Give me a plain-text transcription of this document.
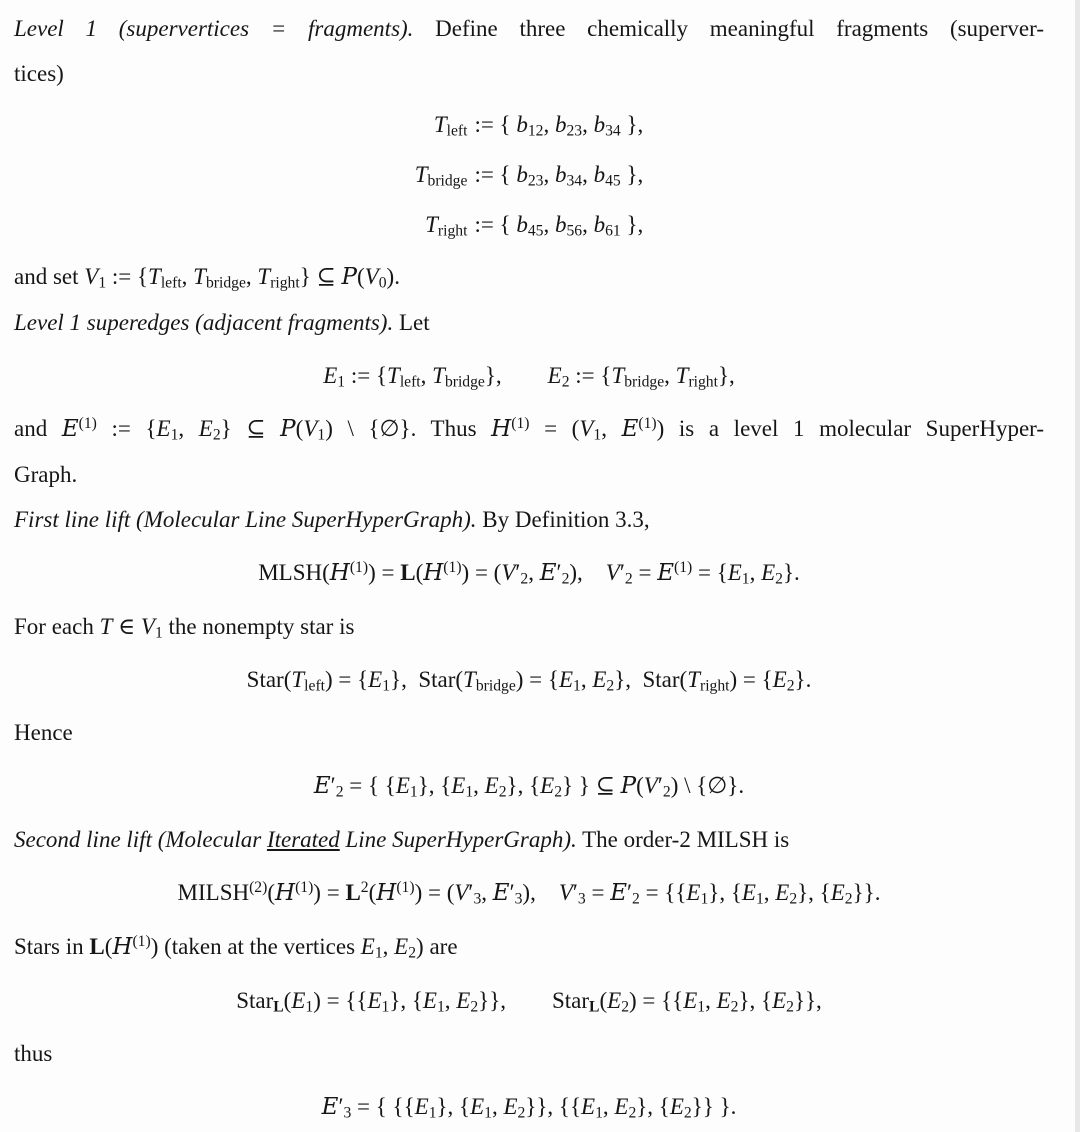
Level 1 (supervertices = fragments). Define three chemically meaningful fragments (superver-

tices)

$T_{left}$	:= { $b_{12}$, $b_{23}$, $b_{34}$ },
$T_{bridge}$	:= { $b_{23}$, $b_{34}$, $b_{45}$ },
$T_{right}$	:= { $b_{45}$, $b_{56}$, $b_{61}$ },

and set $V_1$ := {$T_{left}$, $T_{bridge}$, $T_{right}$} ⊆ $P(V_0)$.

Level 1 superedges (adjacent fragments). Let

$E_1$ := {$T_{left}$, $T_{bridge}$},  $E_2$ := {$T_{bridge}$, $T_{right}$},

and $E^{(1)}$ := {$E_1$, $E_2$} ⊆ $P(V_1)$ \ {∅}. Thus $H^{(1)} = (V_1$, $E^{(1)}$) is a level 1 molecular SuperHyper-

Graph.

First line lift (Molecular Line SuperHyperGraph). By Definition 3.3,

$MLSH(H^{(1)}) = L(H^{(1)}) = (V'_2$, $E'_2$),  $V'_2 = E^{(1)} = \{E_1$, $E_2$}.

For each T ∈ $V_1$ the nonempty star is

$Star(T_{left}) = \{E_1\}$, $Star(T_{bridge}) = \{E_1$, $E_2$}, $Star(T_{right}) = \{E_2\}$.

Hence

$E'_2$ = { $\{E_1\}$, {$E_1$, $E_2$}, $\{E_2\}$ } ⊆ $P(V'_2)$ \ {∅}.

Second line lift (Molecular Iterated Line SuperHyperGraph). The order-2 MILSH is

$MILSH^{(2)}(H^{(1)}) = L^2(H^{(1)}) = (V'_3$, $E'_3$),  $V'_3 = E'_2 = \{\{E_1\}$, {$E_1$, $E_2$}, $\{E_2\}$}.

Stars in $L(H^{(1)})$ (taken at the vertices $E_1$, $E_2$) are

$Star_L(E_1) = \{\{E_1\}$, {$E_1$, $E_2$}},  $Star_L(E_2) = \{\{E_1$, $E_2$}, $\{E_2\}$},

thus

$E'_3$ = { {$\{E_1\}$, {$E_1$, $E_2$}}, {{$E_1$, $E_2$}, $\{E_2\}$} }.
